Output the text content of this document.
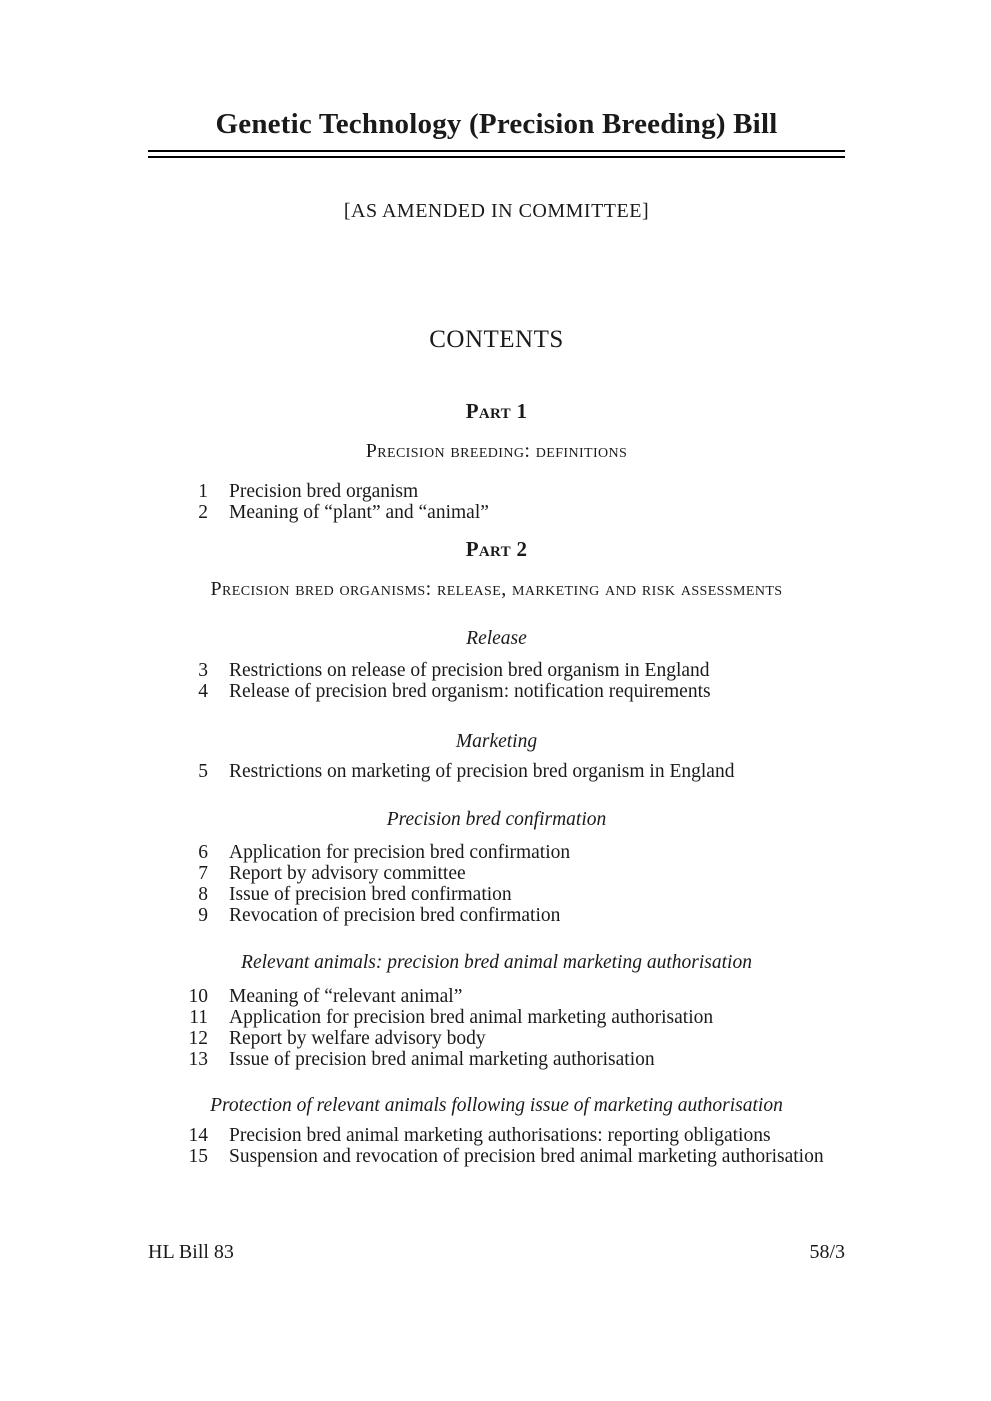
Genetic Technology (Precision Breeding) Bill
[AS AMENDED IN COMMITTEE]
CONTENTS
Part 1
Precision breeding: definitions
1 Precision bred organism
2 Meaning of “plant” and “animal”
Part 2
Precision bred organisms: release, marketing and risk assessments
Release
3 Restrictions on release of precision bred organism in England
4 Release of precision bred organism: notification requirements
Marketing
5 Restrictions on marketing of precision bred organism in England
Precision bred confirmation
6 Application for precision bred confirmation
7 Report by advisory committee
8 Issue of precision bred confirmation
9 Revocation of precision bred confirmation
Relevant animals: precision bred animal marketing authorisation
10 Meaning of “relevant animal”
11 Application for precision bred animal marketing authorisation
12 Report by welfare advisory body
13 Issue of precision bred animal marketing authorisation
Protection of relevant animals following issue of marketing authorisation
14 Precision bred animal marketing authorisations: reporting obligations
15 Suspension and revocation of precision bred animal marketing authorisation
HL Bill 83	58/3
